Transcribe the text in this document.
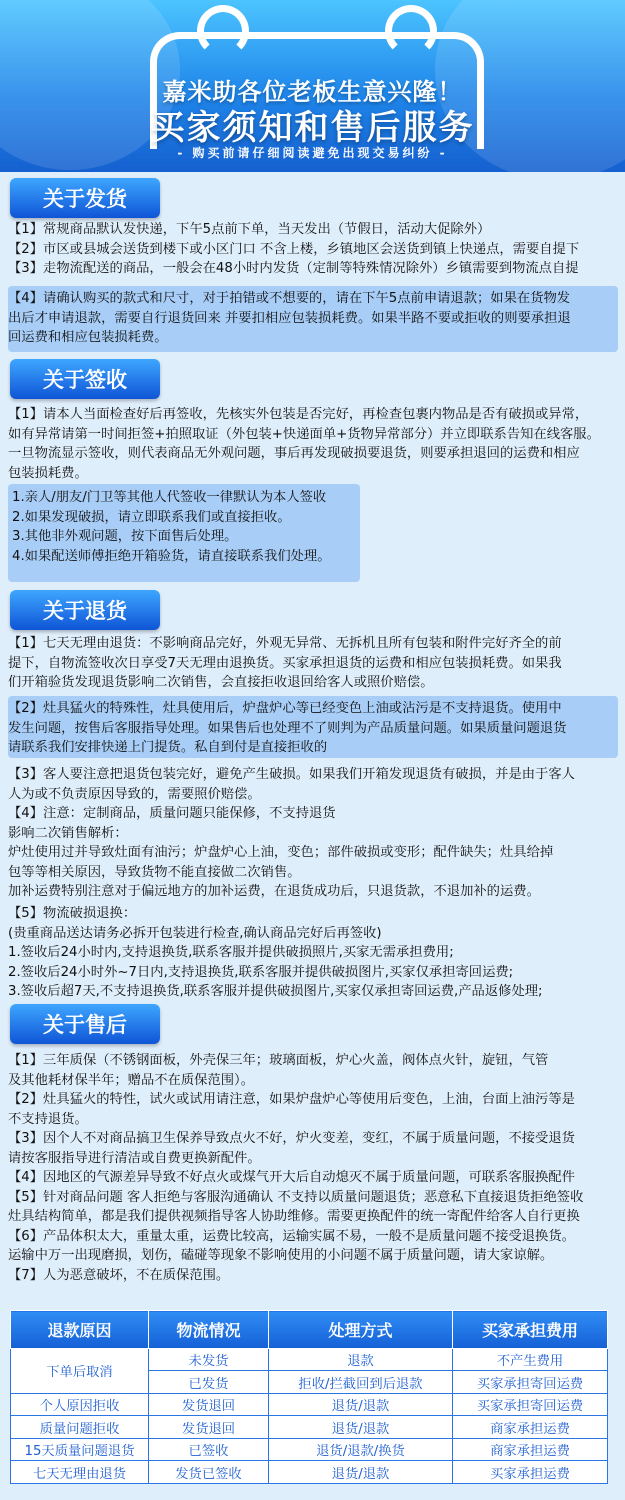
嘉米助各位老板生意兴隆！
买家须知和售后服务
- 购买前请仔细阅读避免出现交易纠纷 -
关于发货

【1】常规商品默认发快递，下午5点前下单，当天发出（节假日，活动大促除外）

【2】市区或县城会送货到楼下或小区门口 不含上楼，乡镇地区会送货到镇上快递点，需要自提下

【3】走物流配送的商品，一般会在48小时内发货（定制等特殊情况除外）乡镇需要到物流点自提

【4】请确认购买的款式和尺寸，对于拍错或不想要的，请在下午5点前申请退款；如果在货物发

出后才申请退款，需要自行退货回来 并要扣相应包装损耗费。如果半路不要或拒收的则要承担退

回运费和相应包装损耗费。

关于签收

【1】请本人当面检查好后再签收，先核实外包装是否完好，再检查包裹内物品是否有破损或异常，

如有异常请第一时间拒签+拍照取证（外包装+快递面单+货物异常部分）并立即联系告知在线客服。

一旦物流显示签收，则代表商品无外观问题，事后再发现破损要退货，则要承担退回的运费和相应

包装损耗费。

1.亲人/朋友/门卫等其他人代签收一律默认为本人签收

2.如果发现破损，请立即联系我们或直接拒收。

3.其他非外观问题，按下面售后处理。

4.如果配送师傅拒绝开箱验货，请直接联系我们处理。

关于退货

【1】七天无理由退货：不影响商品完好，外观无异常、无拆机且所有包装和附件完好齐全的前

提下，自物流签收次日享受7天无理由退换货。买家承担退货的运费和相应包装损耗费。如果我

们开箱验货发现退货影响二次销售，会直接拒收退回给客人或照价赔偿。

【2】灶具猛火的特殊性，灶具使用后，炉盘炉心等已经变色上油或沾污是不支持退货。使用中

发生问题，按售后客服指导处理。如果售后也处理不了则判为产品质量问题。如果质量问题退货

请联系我们安排快递上门提货。私自到付是直接拒收的

【3】客人要注意把退货包装完好，避免产生破损。如果我们开箱发现退货有破损，并是由于客人

人为或不负责原因导致的，需要照价赔偿。

【4】注意：定制商品，质量问题只能保修，不支持退货

影响二次销售解析：

炉灶使用过并导致灶面有油污；炉盘炉心上油，变色；部件破损或变形；配件缺失；灶具给掉

包等等相关原因，导致货物不能直接做二次销售。

加补运费特别注意对于偏远地方的加补运费，在退货成功后，只退货款，不退加补的运费。

【5】物流破损退换：

(贵重商品送达请务必拆开包装进行检查,确认商品完好后再签收)

1.签收后24小时内,支持退换货,联系客服并提供破损照片,买家无需承担费用;

2.签收后24小时外~7日内,支持退换货,联系客服并提供破损图片,买家仅承担寄回运费;

3.签收后超7天,不支持退换货,联系客服并提供破损图片,买家仅承担寄回运费,产品返修处理;

关于售后

【1】三年质保（不锈钢面板，外壳保三年；玻璃面板，炉心火盖，阀体点火针，旋钮，气管

及其他耗材保半年；赠品不在质保范围）。

【2】灶具猛火的特性，试火或试用请注意，如果炉盘炉心等使用后变色，上油，台面上油污等是

不支持退货。

【3】因个人不对商品搞卫生保养导致点火不好，炉火变差，变红，不属于质量问题，不接受退货

请按客服指导进行清洁或自费更换新配件。

【4】因地区的气源差异导致不好点火或煤气开大后自动熄灭不属于质量问题，可联系客服换配件

【5】针对商品问题 客人拒绝与客服沟通确认 不支持以质量问题退货；恶意私下直接退货拒绝签收

灶具结构简单，都是我们提供视频指导客人协助维修。需要更换配件的统一寄配件给客人自行更换

【6】产品体积太大，重量太重，运费比较高，运输实属不易，一般不是质量问题不接受退换货。

运输中万一出现磨损，划伤，磕碰等现象不影响使用的小问题不属于质量问题，请大家谅解。

【7】人为恶意破坏，不在质保范围。

退款原因	物流情况	处理方式	买家承担费用
下单后取消	未发货	退款	不产生费用
	已发货	拒收/拦截回到后退款	买家承担寄回运费
个人原因拒收	发货退回	退货/退款	买家承担寄回运费
质量问题拒收	发货退回	退货/退款	商家承担运费
15天质量问题退货	已签收	退货/退款/换货	商家承担运费
七天无理由退货	发货已签收	退货/退款	买家承担运费
